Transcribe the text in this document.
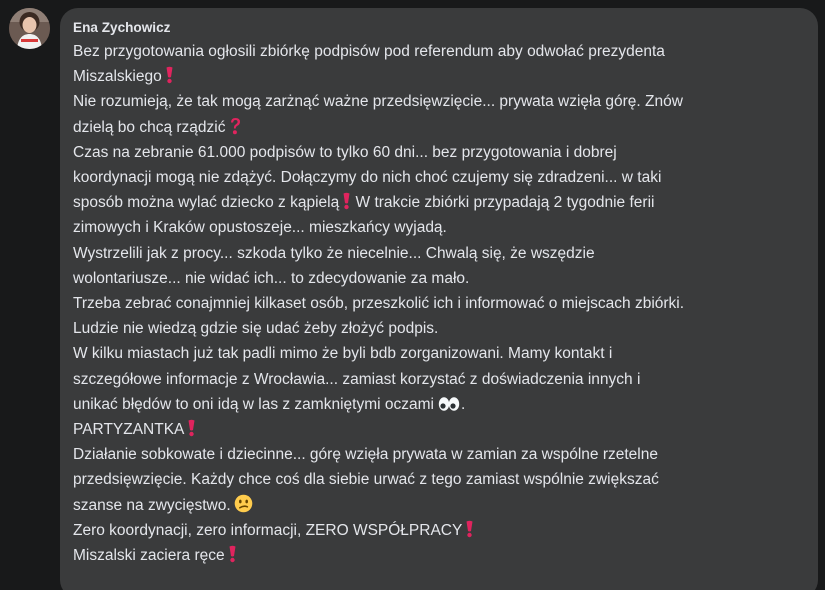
Ena Zychowicz
Bez przygotowania ogłosili zbiórkę podpisów pod referendum aby odwołać prezydenta
Miszalskiego
Nie rozumieją, że tak mogą zarżnąć ważne przedsięwzięcie... prywata wzięła górę. Znów
dzielą bo chcą rządzić
Czas na zebranie 61.000 podpisów to tylko 60 dni... bez przygotowania i dobrej
koordynacji mogą nie zdążyć. Dołączymy do nich choć czujemy się zdradzeni... w taki
sposób można wylać dziecko z kąpielą
W trakcie zbiórki przypadają 2 tygodnie ferii
zimowych i Kraków opustoszeje... mieszkańcy wyjadą.
Wystrzelili jak z procy... szkoda tylko że niecelnie... Chwalą się, że wszędzie
wolontariusze... nie widać ich... to zdecydowanie za mało.
Trzeba zebrać conajmniej kilkaset osób, przeszkolić ich i informować o miejscach zbiórki.
Ludzie nie wiedzą gdzie się udać żeby złożyć podpis.
W kilku miastach już tak padli mimo że byli bdb zorganizowani. Mamy kontakt i
szczegółowe informacje z Wrocławia... zamiast korzystać z doświadczenia innych i
unikać błędów to oni idą w las z zamkniętymi oczami .
PARTYZANTKA
Działanie sobkowate i dziecinne... górę wzięła prywata w zamian za wspólne rzetelne
przedsięwzięcie. Każdy chce coś dla siebie urwać z tego zamiast wspólnie zwiększać
szanse na zwycięstwo.
Zero koordynacji, zero informacji, ZERO WSPÓŁPRACY
Miszalski zaciera ręce
